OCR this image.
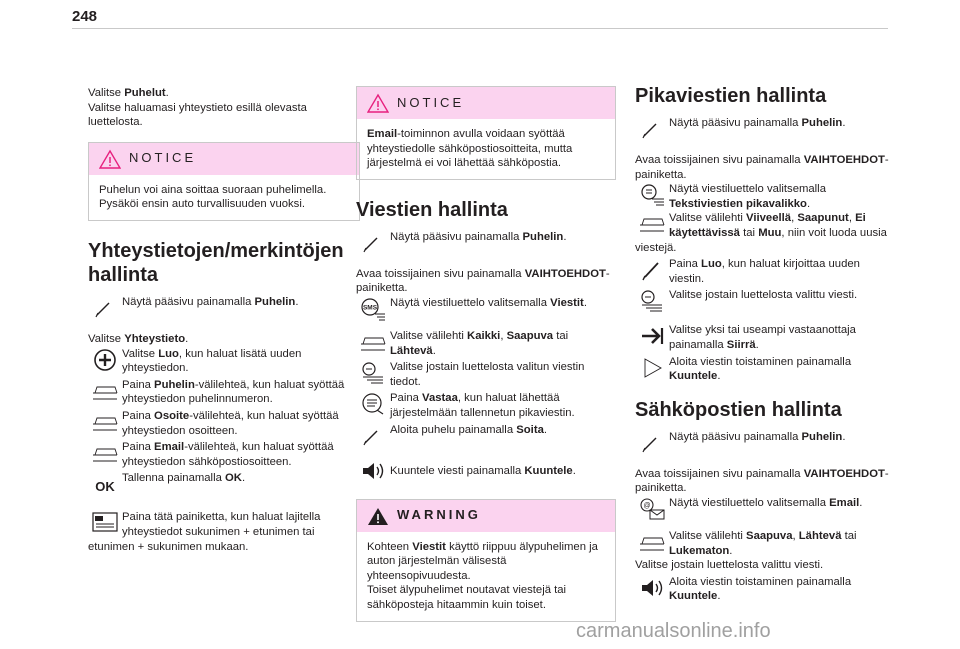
248

Valitse Puhelut.

Valitse haluamasi yhteystieto esillä olevasta luettelosta.

NOTICE
Puhelun voi aina soittaa suoraan puhelimella. Pysäköi ensin auto turvallisuuden vuoksi.
Yhteystietojen/merkintöjen hallinta
Näytä pääsivu painamalla Puhelin.

Valitse Yhteystieto.

Valitse Luo, kun haluat lisätä uuden yhteystiedon.
Paina Puhelin-välilehteä, kun haluat syöttää yhteystiedon puhelinnumeron.
Paina Osoite-välilehteä, kun haluat syöttää yhteystiedon osoitteen.
Paina Email-välilehteä, kun haluat syöttää yhteystiedon sähköpostiosoitteen.
OK
Tallenna painamalla OK.
Paina tätä painiketta, kun haluat lajitella yhteystiedot sukunimen + etunimen tai etunimen + sukunimen mukaan.
NOTICE
Email-toiminnon avulla voidaan syöttää yhteystiedolle sähköpostiosoitteita, mutta järjestelmä ei voi lähettää sähköpostia.
Viestien hallinta
Näytä pääsivu painamalla Puhelin.

Avaa toissijainen sivu painamalla VAIHTOEHDOT-painiketta.

SMS Näytä viestiluettelo valitsemalla Viestit.
Valitse välilehti Kaikki, Saapuva tai Lähtevä.
Valitse jostain luettelosta valitun viestin tiedot.
Paina Vastaa, kun haluat lähettää järjestelmään tallennetun pikaviestin.
Aloita puhelu painamalla Soita.
Kuuntele viesti painamalla Kuuntele.
WARNING
Kohteen Viestit käyttö riippuu älypuhelimen ja auton järjestelmän välisestä yhteensopivuudesta.
Toiset älypuhelimet noutavat viestejä tai sähköposteja hitaammin kuin toiset.
Pikaviestien hallinta
Näytä pääsivu painamalla Puhelin.

Avaa toissijainen sivu painamalla VAIHTOEHDOT-painiketta.

Näytä viestiluettelo valitsemalla Tekstiviestien pikavalikko.
Valitse välilehti Viiveellä, Saapunut, Ei käytettävissä tai Muu, niin voit luoda uusia viestejä.
Paina Luo, kun haluat kirjoittaa uuden viestin.
Valitse jostain luettelosta valittu viesti.
Valitse yksi tai useampi vastaanottaja painamalla Siirrä.
Aloita viestin toistaminen painamalla Kuuntele.
Sähköpostien hallinta
Näytä pääsivu painamalla Puhelin.

Avaa toissijainen sivu painamalla VAIHTOEHDOT-painiketta.

@ Näytä viestiluettelo valitsemalla Email.
Valitse välilehti Saapuva, Lähtevä tai Lukematon.

Valitse jostain luettelosta valittu viesti.

Aloita viestin toistaminen painamalla Kuuntele.
carmanualsonline.info
